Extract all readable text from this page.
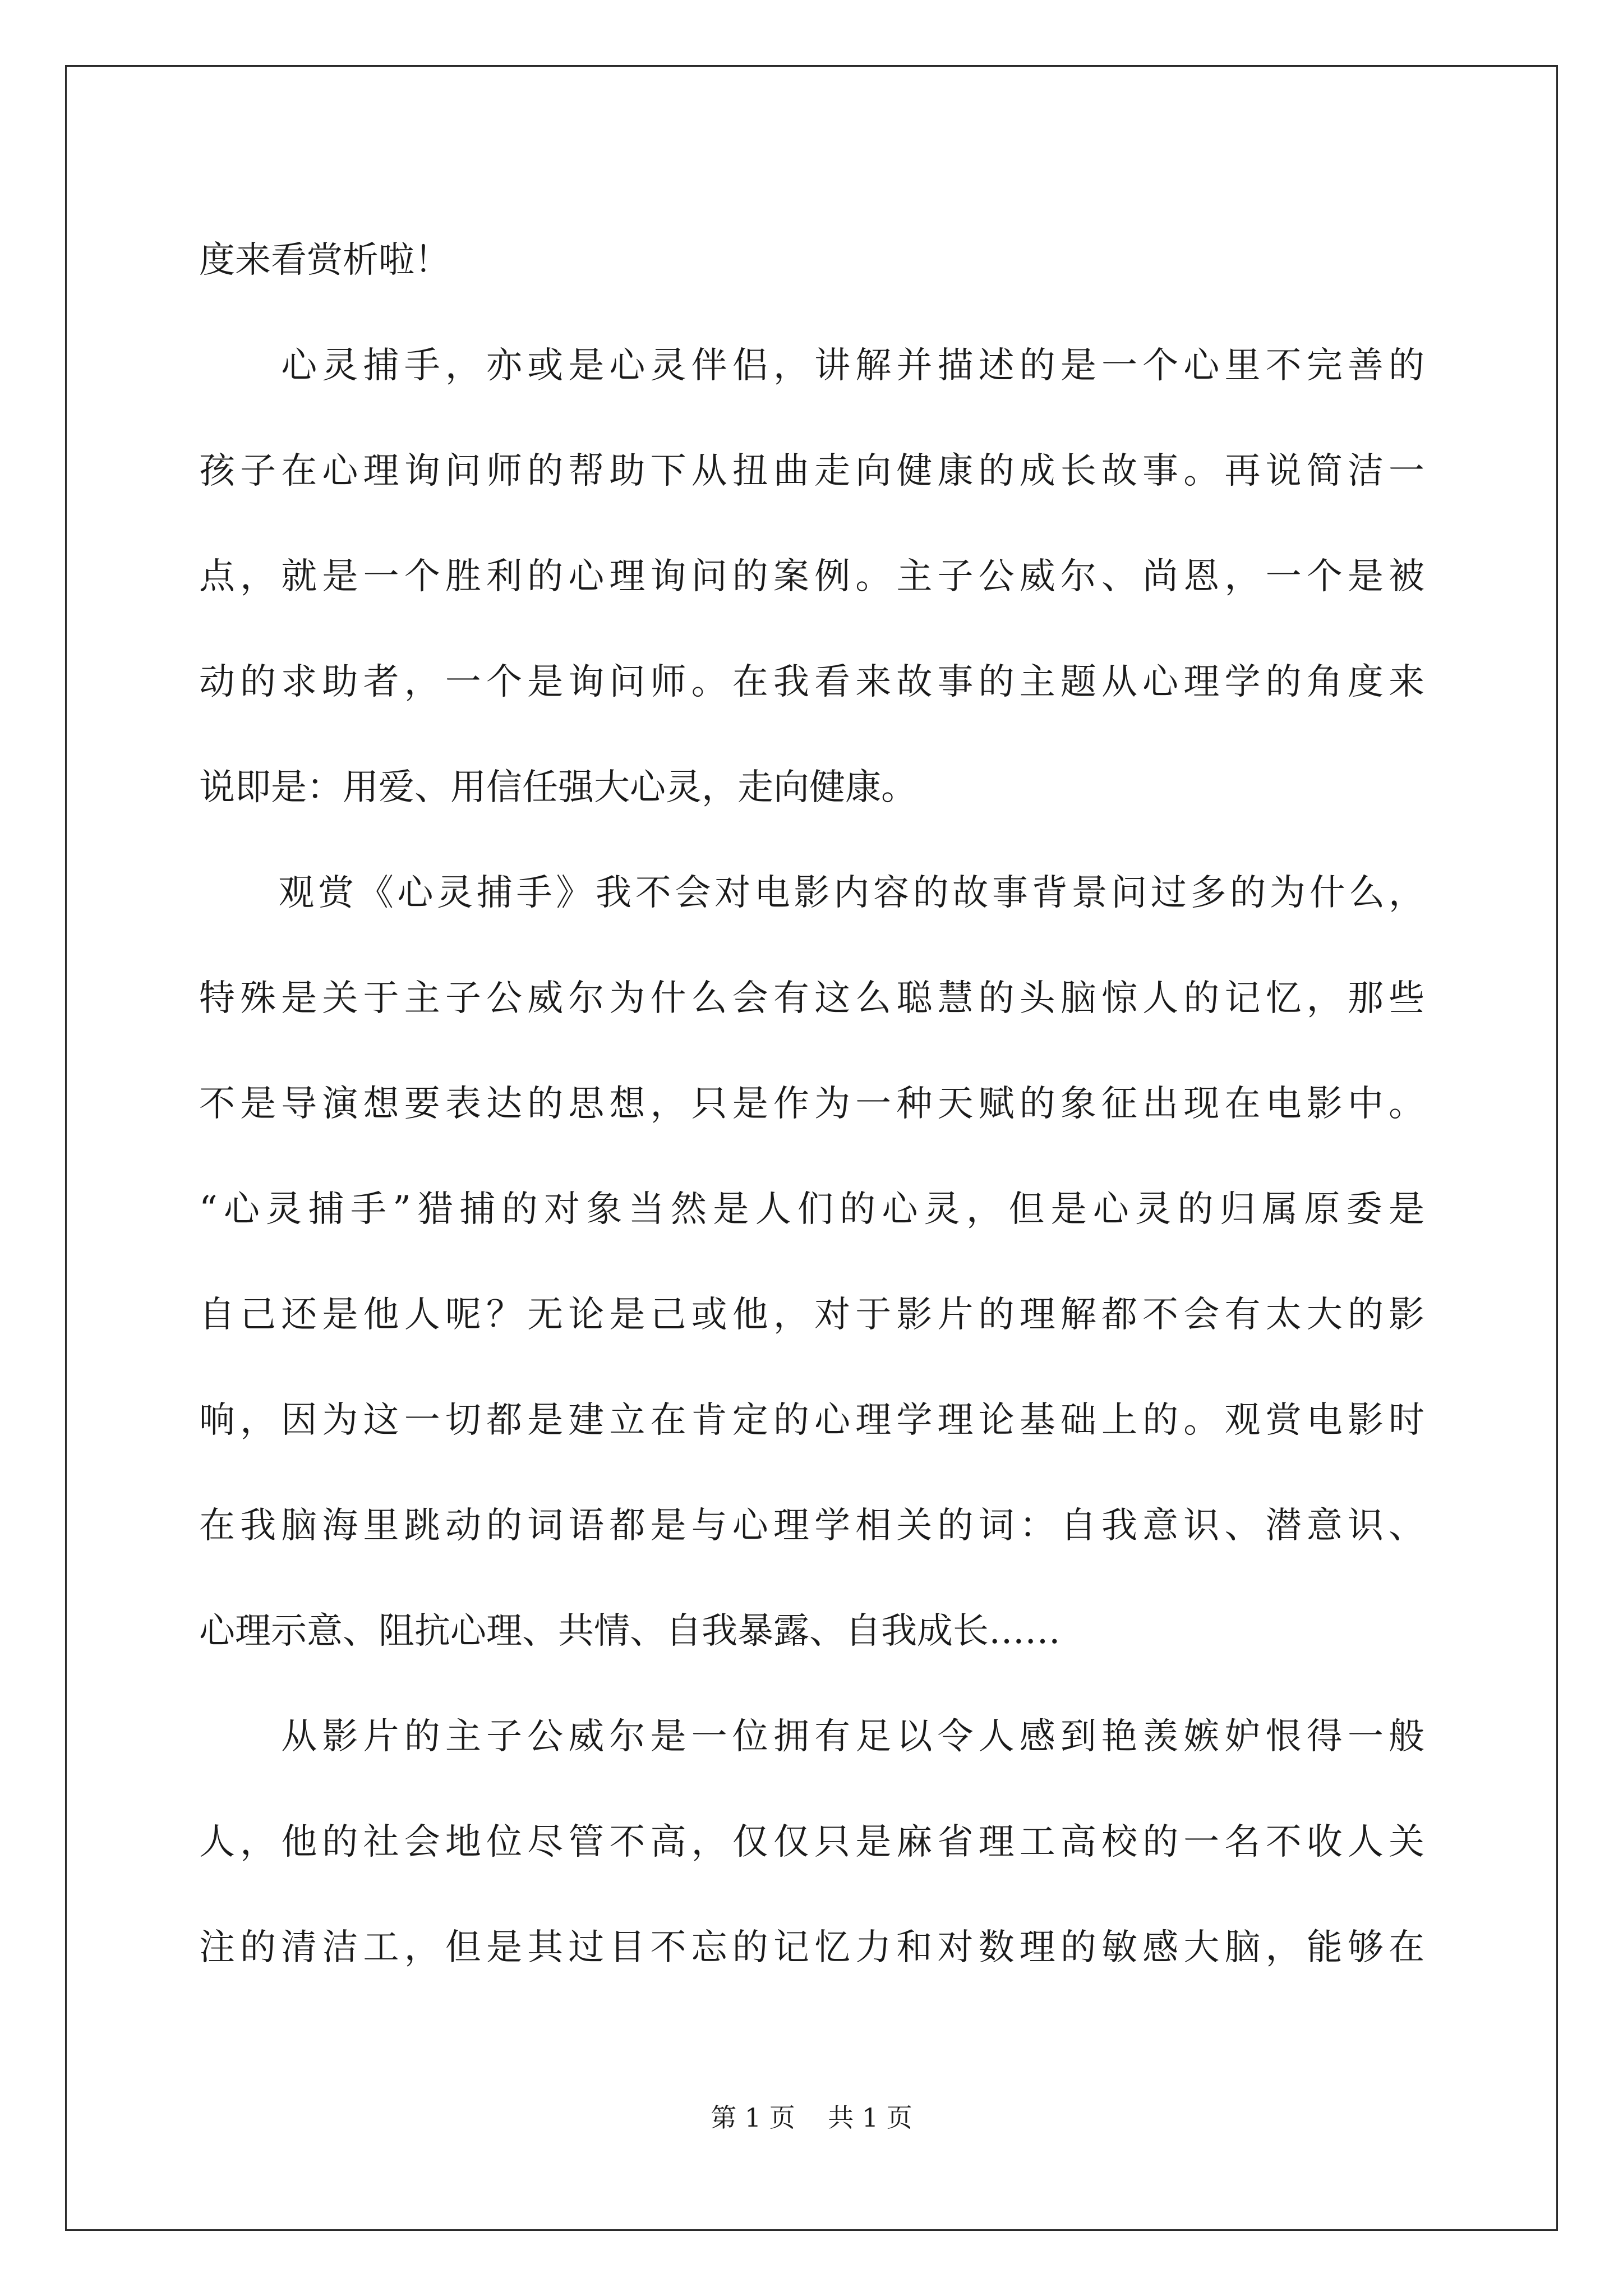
度来看赏析啦！
　　心灵捕手，亦或是心灵伴侣，讲解并描述的是一个心里不完善的
孩子在心理询问师的帮助下从扭曲走向健康的成长故事。再说简洁一
点，就是一个胜利的心理询问的案例。主子公威尔、尚恩，一个是被
动的求助者，一个是询问师。在我看来故事的主题从心理学的角度来
说即是：用爱、用信任强大心灵，走向健康。
　　观赏《心灵捕手》我不会对电影内容的故事背景问过多的为什么，
特殊是关于主子公威尔为什么会有这么聪慧的头脑惊人的记忆，那些
不是导演想要表达的思想，只是作为一种天赋的象征出现在电影中。
“心灵捕手”猎捕的对象当然是人们的心灵，但是心灵的归属原委是
自己还是他人呢？无论是己或他，对于影片的理解都不会有太大的影
响，因为这一切都是建立在肯定的心理学理论基础上的。观赏电影时
在我脑海里跳动的词语都是与心理学相关的词：自我意识、潜意识、
心理示意、阻抗心理、共情、自我暴露、自我成长……
　　从影片的主子公威尔是一位拥有足以令人感到艳羡嫉妒恨得一般
人，他的社会地位尽管不高，仅仅只是麻省理工高校的一名不收人关
注的清洁工，但是其过目不忘的记忆力和对数理的敏感大脑，能够在
第 1 页    共 1 页
